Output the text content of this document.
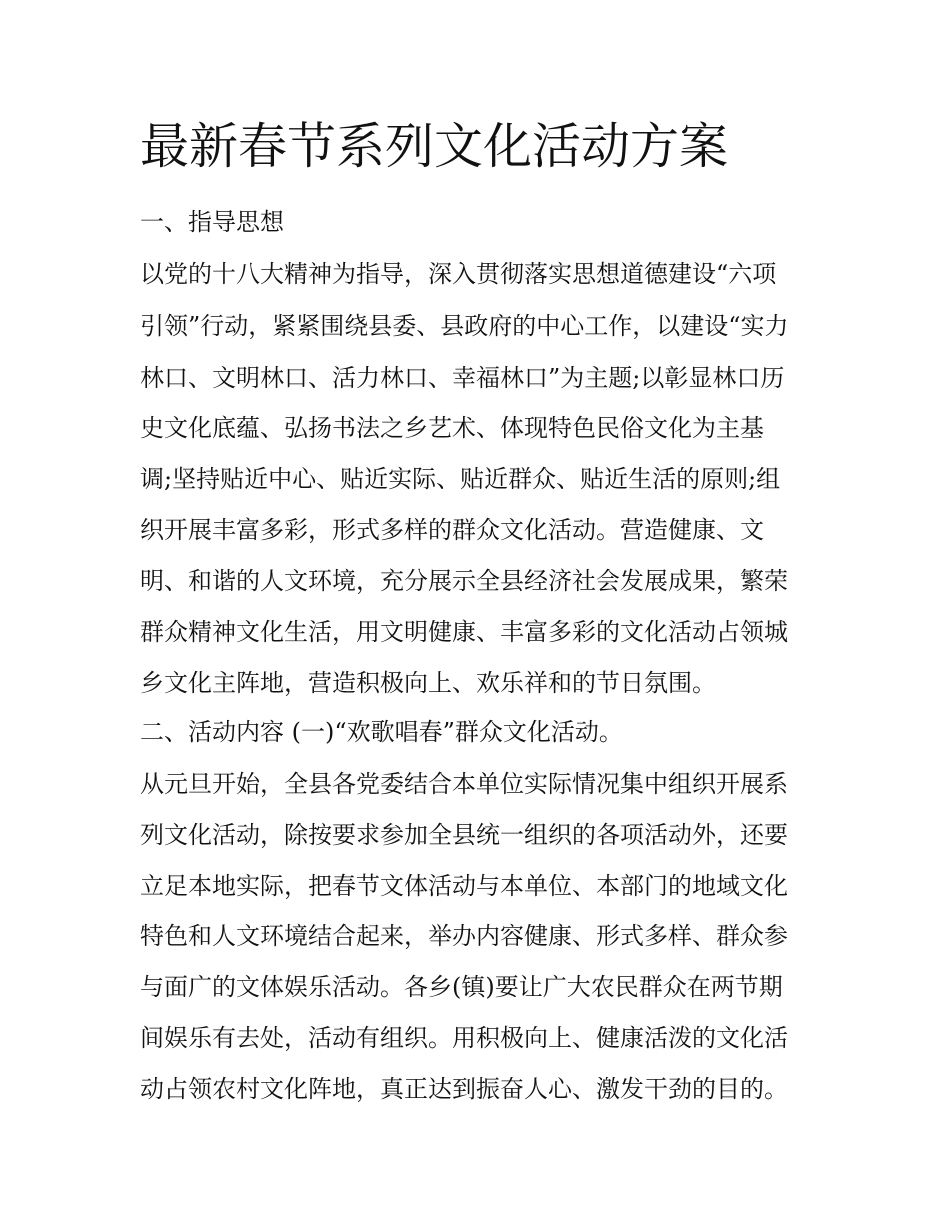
最新春节系列文化活动方案

一、指导思想

以党的十八大精神为指导，深入贯彻落实思想道德建设“六项

引领”行动，紧紧围绕县委、县政府的中心工作，以建设“实力

林口、文明林口、活力林口、幸福林口”为主题;以彰显林口历

史文化底蕴、弘扬书法之乡艺术、体现特色民俗文化为主基

调;坚持贴近中心、贴近实际、贴近群众、贴近生活的原则;组

织开展丰富多彩，形式多样的群众文化活动。营造健康、文

明、和谐的人文环境，充分展示全县经济社会发展成果，繁荣

群众精神文化生活，用文明健康、丰富多彩的文化活动占领城

乡文化主阵地，营造积极向上、欢乐祥和的节日氛围。

二、活动内容 (一)“欢歌唱春”群众文化活动。

从元旦开始，全县各党委结合本单位实际情况集中组织开展系

列文化活动，除按要求参加全县统一组织的各项活动外，还要

立足本地实际，把春节文体活动与本单位、本部门的地域文化

特色和人文环境结合起来，举办内容健康、形式多样、群众参

与面广的文体娱乐活动。各乡(镇)要让广大农民群众在两节期

间娱乐有去处，活动有组织。用积极向上、健康活泼的文化活

动占领农村文化阵地，真正达到振奋人心、激发干劲的目的。
